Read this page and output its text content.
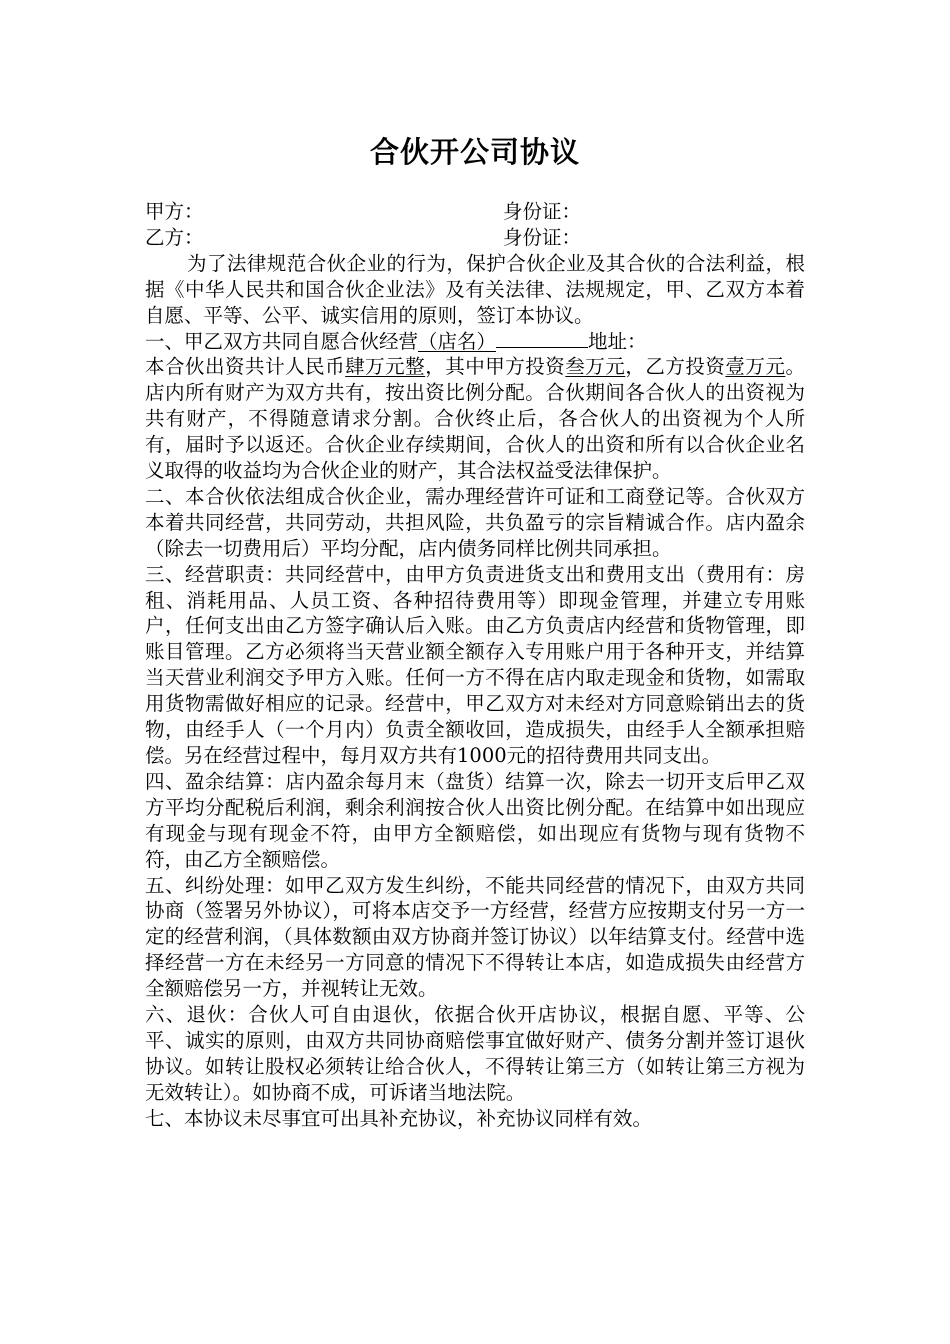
合伙开公司协议
甲方：	身份证：
乙方：	身份证：

为了法律规范合伙企业的行为，保护合伙企业及其合伙的合法利益，根据《中华人民共和国合伙企业法》及有关法律、法规规定，甲、乙双方本着自愿、平等、公平、诚实信用的原则，签订本协议。

一、甲乙双方共同自愿合伙经营（店名）	地址：

本合伙出资共计人民币肆万元整，其中甲方投资叁万元，乙方投资壹万元。店内所有财产为双方共有，按出资比例分配。合伙期间各合伙人的出资视为共有财产，不得随意请求分割。合伙终止后，各合伙人的出资视为个人所有，届时予以返还。合伙企业存续期间，合伙人的出资和所有以合伙企业名义取得的收益均为合伙企业的财产，其合法权益受法律保护。

二、本合伙依法组成合伙企业，需办理经营许可证和工商登记等。合伙双方本着共同经营，共同劳动，共担风险，共负盈亏的宗旨精诚合作。店内盈余（除去一切费用后）平均分配，店内债务同样比例共同承担。

三、经营职责：共同经营中，由甲方负责进货支出和费用支出（费用有：房租、消耗用品、人员工资、各种招待费用等）即现金管理，并建立专用账户，任何支出由乙方签字确认后入账。由乙方负责店内经营和货物管理，即账目管理。乙方必须将当天营业额全额存入专用账户用于各种开支，并结算当天营业利润交予甲方入账。任何一方不得在店内取走现金和货物，如需取用货物需做好相应的记录。经营中，甲乙双方对未经对方同意赊销出去的货物，由经手人（一个月内）负责全额收回，造成损失，由经手人全额承担赔偿。另在经营过程中，每月双方共有1000元的招待费用共同支出。

四、盈余结算：店内盈余每月末（盘货）结算一次，除去一切开支后甲乙双方平均分配税后利润，剩余利润按合伙人出资比例分配。在结算中如出现应有现金与现有现金不符，由甲方全额赔偿，如出现应有货物与现有货物不符，由乙方全额赔偿。

五、纠纷处理：如甲乙双方发生纠纷，不能共同经营的情况下，由双方共同协商（签署另外协议），可将本店交予一方经营，经营方应按期支付另一方一定的经营利润，（具体数额由双方协商并签订协议）以年结算支付。经营中选择经营一方在未经另一方同意的情况下不得转让本店，如造成损失由经营方全额赔偿另一方，并视转让无效。

六、退伙：合伙人可自由退伙，依据合伙开店协议，根据自愿、平等、公平、诚实的原则，由双方共同协商赔偿事宜做好财产、债务分割并签订退伙协议。如转让股权必须转让给合伙人，不得转让第三方（如转让第三方视为无效转让）。如协商不成，可诉诸当地法院。

七、本协议未尽事宜可出具补充协议，补充协议同样有效。
